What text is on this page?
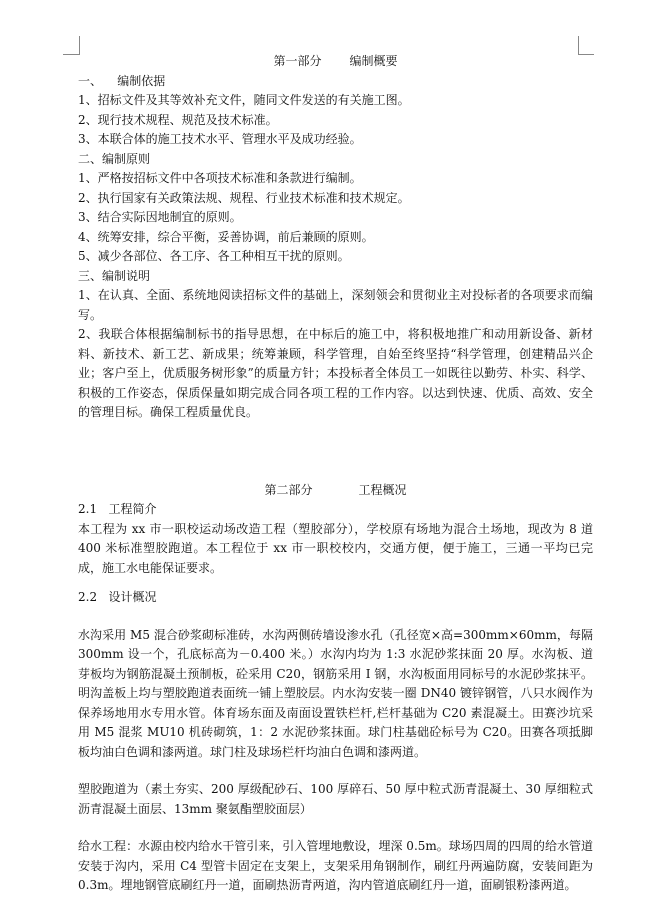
第一部分 编制概要

一、    编制依据

1、招标文件及其等效补充文件，随同文件发送的有关施工图。

2、现行技术规程、规范及技术标准。

3、本联合体的施工技术水平、管理水平及成功经验。

二、编制原则

1、严格按招标文件中各项技术标准和条款进行编制。

2、执行国家有关政策法规、规程、行业技术标准和技术规定。

3、结合实际因地制宜的原则。

4、统筹安排，综合平衡，妥善协调，前后兼顾的原则。

5、减少各部位、各工序、各工种相互干扰的原则。

三、编制说明

1、在认真、全面、系统地阅读招标文件的基础上，深刻领会和贯彻业主对投标者的各项要求而编写。

2、我联合体根据编制标书的指导思想，在中标后的施工中，将积极地推广和动用新设备、新材料、新技术、新工艺、新成果；统筹兼顾，科学管理，自始至终坚持“科学管理，创建精品兴企业；客户至上，优质服务树形象”的质量方针；本投标者全体员工一如既往以勤劳、朴实、科学、积极的工作姿态，保质保量如期完成合同各项工程的工作内容。以达到快速、优质、高效、安全的管理目标。确保工程质量优良。

第二部分	工程概况

2.1   工程简介

本工程为 xx 市一职校运动场改造工程（塑胶部分），学校原有场地为混合土场地，现改为 8 道 400 米标准塑胶跑道。本工程位于 xx 市一职校校内，交通方便，便于施工，三通一平均已完成，施工水电能保证要求。

2.2   设计概况

水沟采用 M5 混合砂浆砌标准砖，水沟两侧砖墙设渗水孔（孔径宽×高=300mm×60mm，每隔 300mm 设一个，孔底标高为－0.400 米。）水沟内均为 1:3 水泥砂浆抹面 20 厚。水沟板、道芽板均为钢筋混凝土预制板，砼采用 C20，钢筋采用 I 钢，水沟板面用同标号的水泥砂浆抹平。明沟盖板上均与塑胶跑道表面统一铺上塑胶层。内水沟安装一圈 DN40 镀锌钢管，八只水阀作为保养场地用水专用水管。体育场东面及南面设置铁栏杆,栏杆基础为 C20 素混凝土。田赛沙坑采用 M5 混浆 MU10 机砖砌筑，1：2 水泥砂浆抹面。球门柱基础砼标号为 C20。田赛各项抵脚板均油白色调和漆两道。球门柱及球场栏杆均油白色调和漆两道。

塑胶跑道为（素土夯实、200 厚级配砂石、100 厚碎石、50 厚中粒式沥青混凝土、30 厚细粒式沥青混凝土面层、13mm 聚氨酯塑胶面层）

给水工程：水源由校内给水干管引来，引入管埋地敷设，埋深 0.5m。球场四周的四周的给水管道安装于沟内，采用 C4 型管卡固定在支架上，支架采用角钢制作，刷红丹两遍防腐，安装间距为 0.3m。埋地钢管底刷红丹一道，面刷热沥青两道，沟内管道底刷红丹一道，面刷银粉漆两道。
